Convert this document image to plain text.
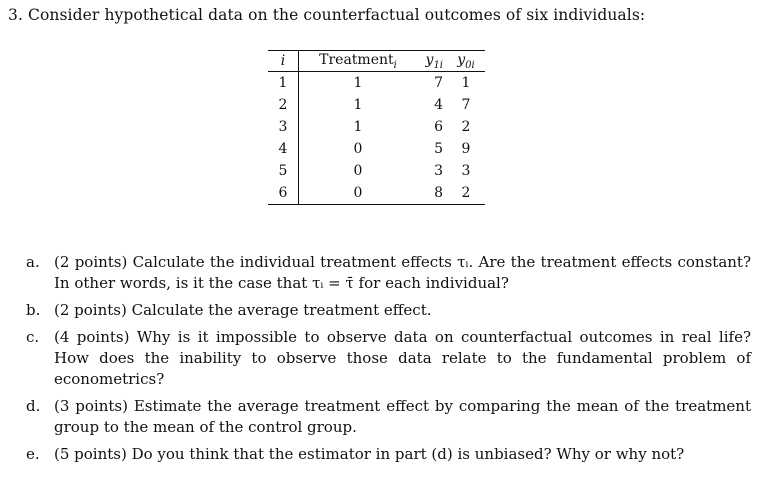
3. Consider hypothetical data on the counterfactual outcomes of six individuals:
i	Treatment$_i$	$y_{1i}$	$y_{0i}$
1	1	7	1
2	1	4	7
3	1	6	2
4	0	5	9
5	0	3	3
6	0	8	2
a. (2 points) Calculate the individual treatment effects τᵢ. Are the treatment effects constant? In other words, is it the case that τᵢ = τ̄ for each individual?
b. (2 points) Calculate the average treatment effect.
c. (4 points) Why is it impossible to observe data on counterfactual outcomes in real life? How does the inability to observe those data relate to the fundamental problem of econometrics?
d. (3 points) Estimate the average treatment effect by comparing the mean of the treatment group to the mean of the control group.
e. (5 points) Do you think that the estimator in part (d) is unbiased? Why or why not?
